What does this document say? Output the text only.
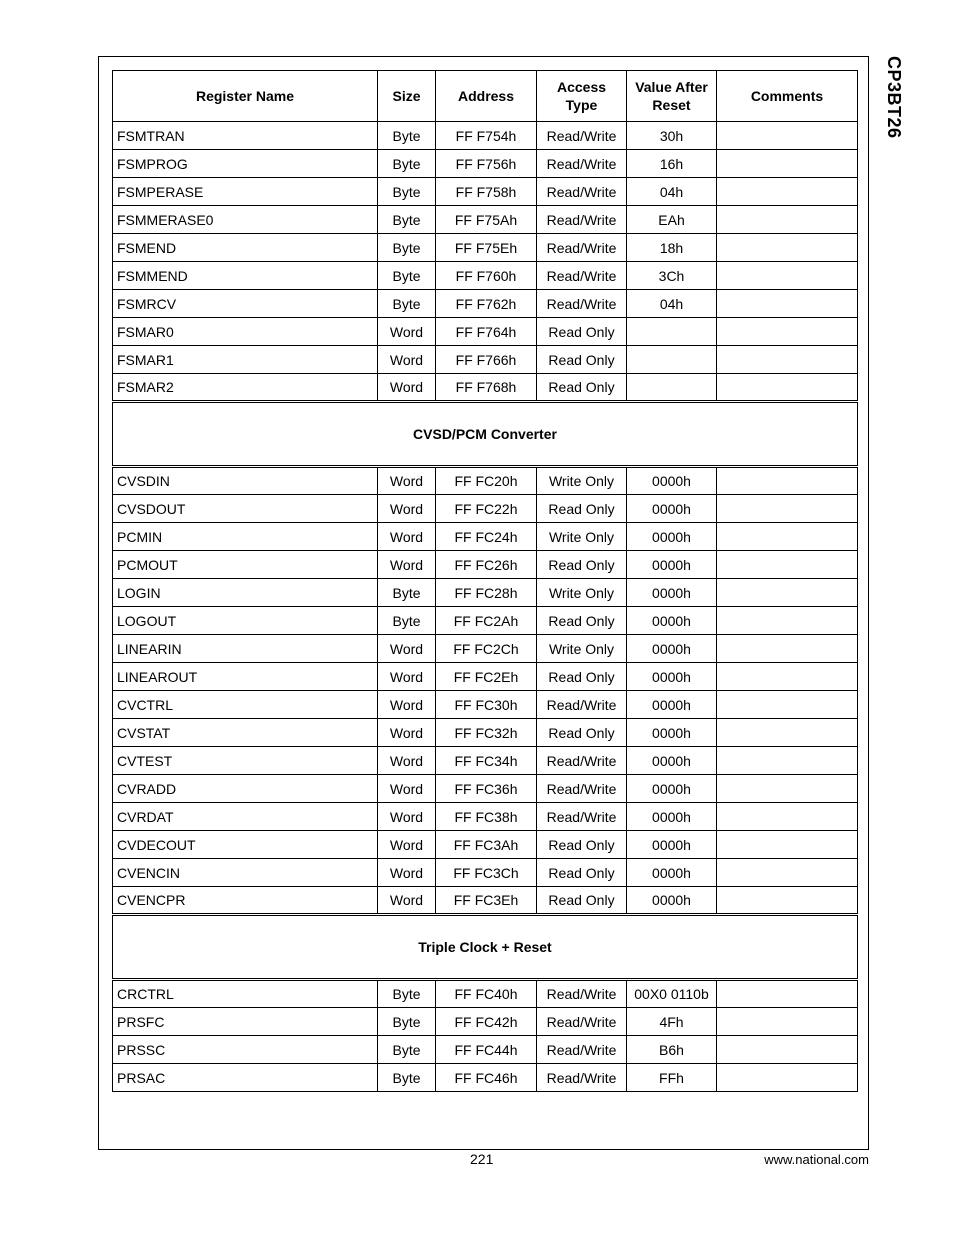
CP3BT26
Register Name	Size	Address	Access Type	Value After Reset	Comments
FSMTRAN	Byte	FF F754h	Read/Write	30h	
FSMPROG	Byte	FF F756h	Read/Write	16h	
FSMPERASE	Byte	FF F758h	Read/Write	04h	
FSMMERASE0	Byte	FF F75Ah	Read/Write	EAh	
FSMEND	Byte	FF F75Eh	Read/Write	18h	
FSMMEND	Byte	FF F760h	Read/Write	3Ch	
FSMRCV	Byte	FF F762h	Read/Write	04h	
FSMAR0	Word	FF F764h	Read Only		
FSMAR1	Word	FF F766h	Read Only		
FSMAR2	Word	FF F768h	Read Only		
CVSD/PCM Converter					
CVSDIN	Word	FF FC20h	Write Only	0000h	
CVSDOUT	Word	FF FC22h	Read Only	0000h	
PCMIN	Word	FF FC24h	Write Only	0000h	
PCMOUT	Word	FF FC26h	Read Only	0000h	
LOGIN	Byte	FF FC28h	Write Only	0000h	
LOGOUT	Byte	FF FC2Ah	Read Only	0000h	
LINEARIN	Word	FF FC2Ch	Write Only	0000h	
LINEAROUT	Word	FF FC2Eh	Read Only	0000h	
CVCTRL	Word	FF FC30h	Read/Write	0000h	
CVSTAT	Word	FF FC32h	Read Only	0000h	
CVTEST	Word	FF FC34h	Read/Write	0000h	
CVRADD	Word	FF FC36h	Read/Write	0000h	
CVRDAT	Word	FF FC38h	Read/Write	0000h	
CVDECOUT	Word	FF FC3Ah	Read Only	0000h	
CVENCIN	Word	FF FC3Ch	Read Only	0000h	
CVENCPR	Word	FF FC3Eh	Read Only	0000h	
Triple Clock + Reset					
CRCTRL	Byte	FF FC40h	Read/Write	00X0 0110b	
PRSFC	Byte	FF FC42h	Read/Write	4Fh	
PRSSC	Byte	FF FC44h	Read/Write	B6h	
PRSAC	Byte	FF FC46h	Read/Write	FFh	
221	www.national.com
